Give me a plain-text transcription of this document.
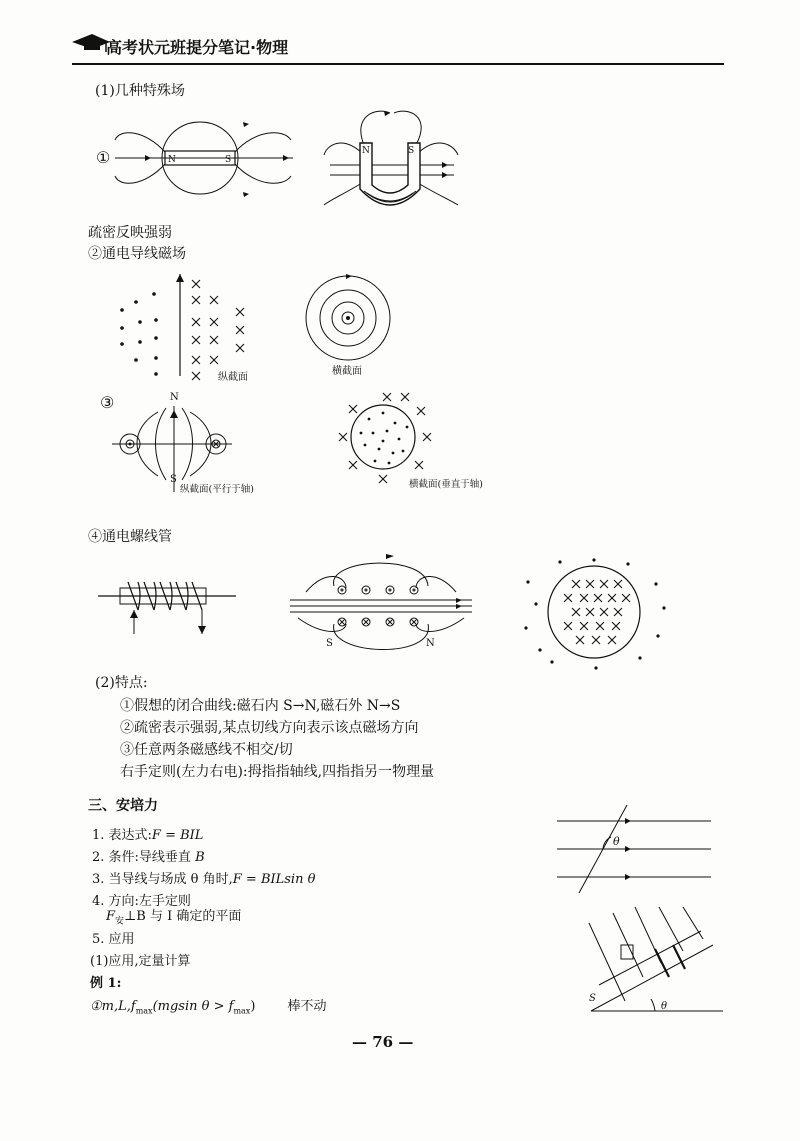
高考状元班提分笔记·物理
(1)几种特殊场
①	N	S
N	S
疏密反映强弱
②通电导线磁场
纵截面
横截面
③	N
S
纵截面(平行于轴)	横截面(垂直于轴)
④通电螺线管
S	N
(2)特点:
①假想的闭合曲线:磁石内 S→N,磁石外 N→S
②疏密表示强弱,某点切线方向表示该点磁场方向
③任意两条磁感线不相交/切
右手定则(左力右电):拇指指轴线,四指指另一物理量
三、安培力
1. 表达式:F = BIL
2. 条件:导线垂直 B
3. 当导线与场成 θ 角时,F = BILsin θ
4. 方向:左手定则
$F_安\perp B$ 与 I 确定的平面
5. 应用
(1)应用,定量计算
例 1:
$①m,L,f_{max}(mgsin$ $\theta > f_{max}$) 棒不动
θ
S
θ
— 76 —
